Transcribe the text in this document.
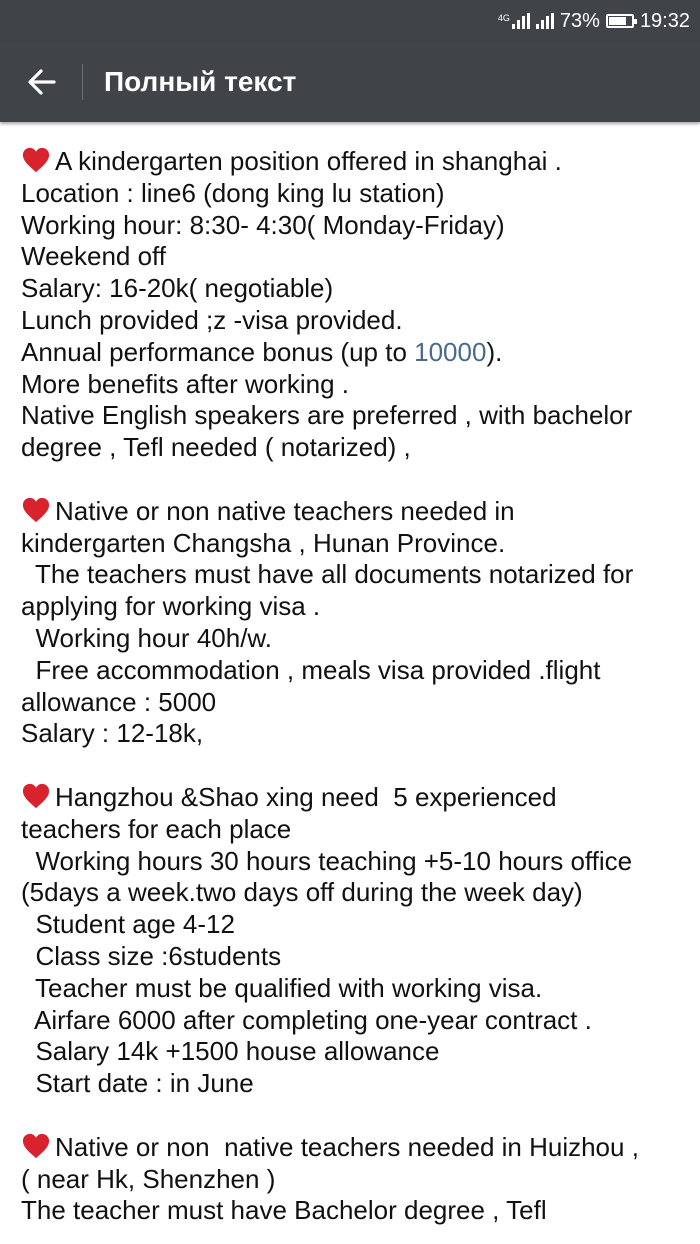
4G	73% 19:32
Полный текст
A kindergarten position offered in shanghai .
Location : line6 (dong king lu station)
Working hour: 8:30- 4:30( Monday-Friday)
Weekend off
Salary: 16-20k( negotiable)
Lunch provided ;z -visa provided.
Annual performance bonus (up to 10000).
More benefits after working .
Native English speakers are preferred , with bachelor
degree , Tefl needed ( notarized) ,
Native or non native teachers needed in
kindergarten Changsha , Hunan Province.
The teachers must have all documents notarized for
applying for working visa .
Working hour 40h/w.
Free accommodation , meals visa provided .flight
allowance : 5000
Salary : 12-18k,
Hangzhou &Shao xing need  5 experienced
teachers for each place
Working hours 30 hours teaching +5-10 hours office
(5days a week.two days off during the week day)
Student age 4-12
Class size :6students
Teacher must be qualified with working visa.
Airfare 6000 after completing one-year contract .
Salary 14k +1500 house allowance
Start date : in June
Native or non  native teachers needed in Huizhou ,
( near Hk, Shenzhen )
The teacher must have Bachelor degree , Tefl
